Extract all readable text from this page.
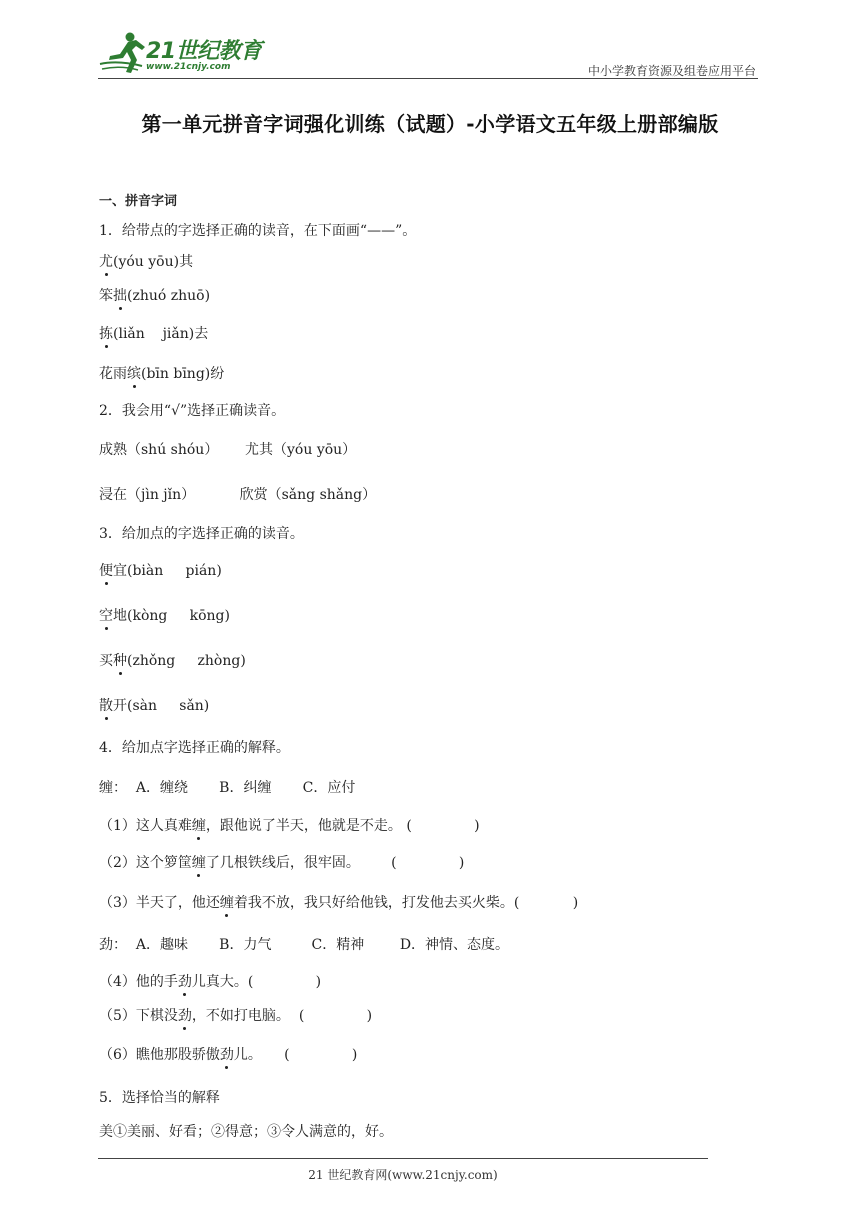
21世纪教育
www.21cnjy.com	中小学教育资源及组卷应用平台
第一单元拼音字词强化训练（试题）-小学语文五年级上册部编版
一、拼音字词
1．给带点的字选择正确的读音，在下面画“——”。
尤(yóu yōu)其
笨拙(zhuó zhuō)
拣(liǎn    jiǎn)去
花雨缤(bīn bīng)纷
2．我会用“√”选择正确读音。
成熟（shú shóu）      尤其（yóu yōu）
浸在（jìn jǐn）          欣赏（sǎng shǎng）
3．给加点的字选择正确的读音。
便宜(biàn     pián)
空地(kòng     kōng)
买种(zhǒng     zhòng)
散开(sàn     sǎn)
4．给加点字选择正确的解释。
缠：  A．缠绕       B．纠缠       C．应付
（1）这人真难缠，跟他说了半天，他就是不走。 (              )
（2）这个箩筐缠了几根铁线后，很牢固。       (              )
（3）半天了，他还缠着我不放，我只好给他钱，打发他去买火柴。(            )
劲：  A．趣味       B．力气         C．精神        D．神情、态度。
（4）他的手劲儿真大。(              )
（5）下棋没劲，不如打电脑。  (              )
（6）瞧他那股骄傲劲儿。     (              )
5．选择恰当的解释
美①美丽、好看；②得意；③令人满意的，好。
21 世纪教育网(www.21cnjy.com)
